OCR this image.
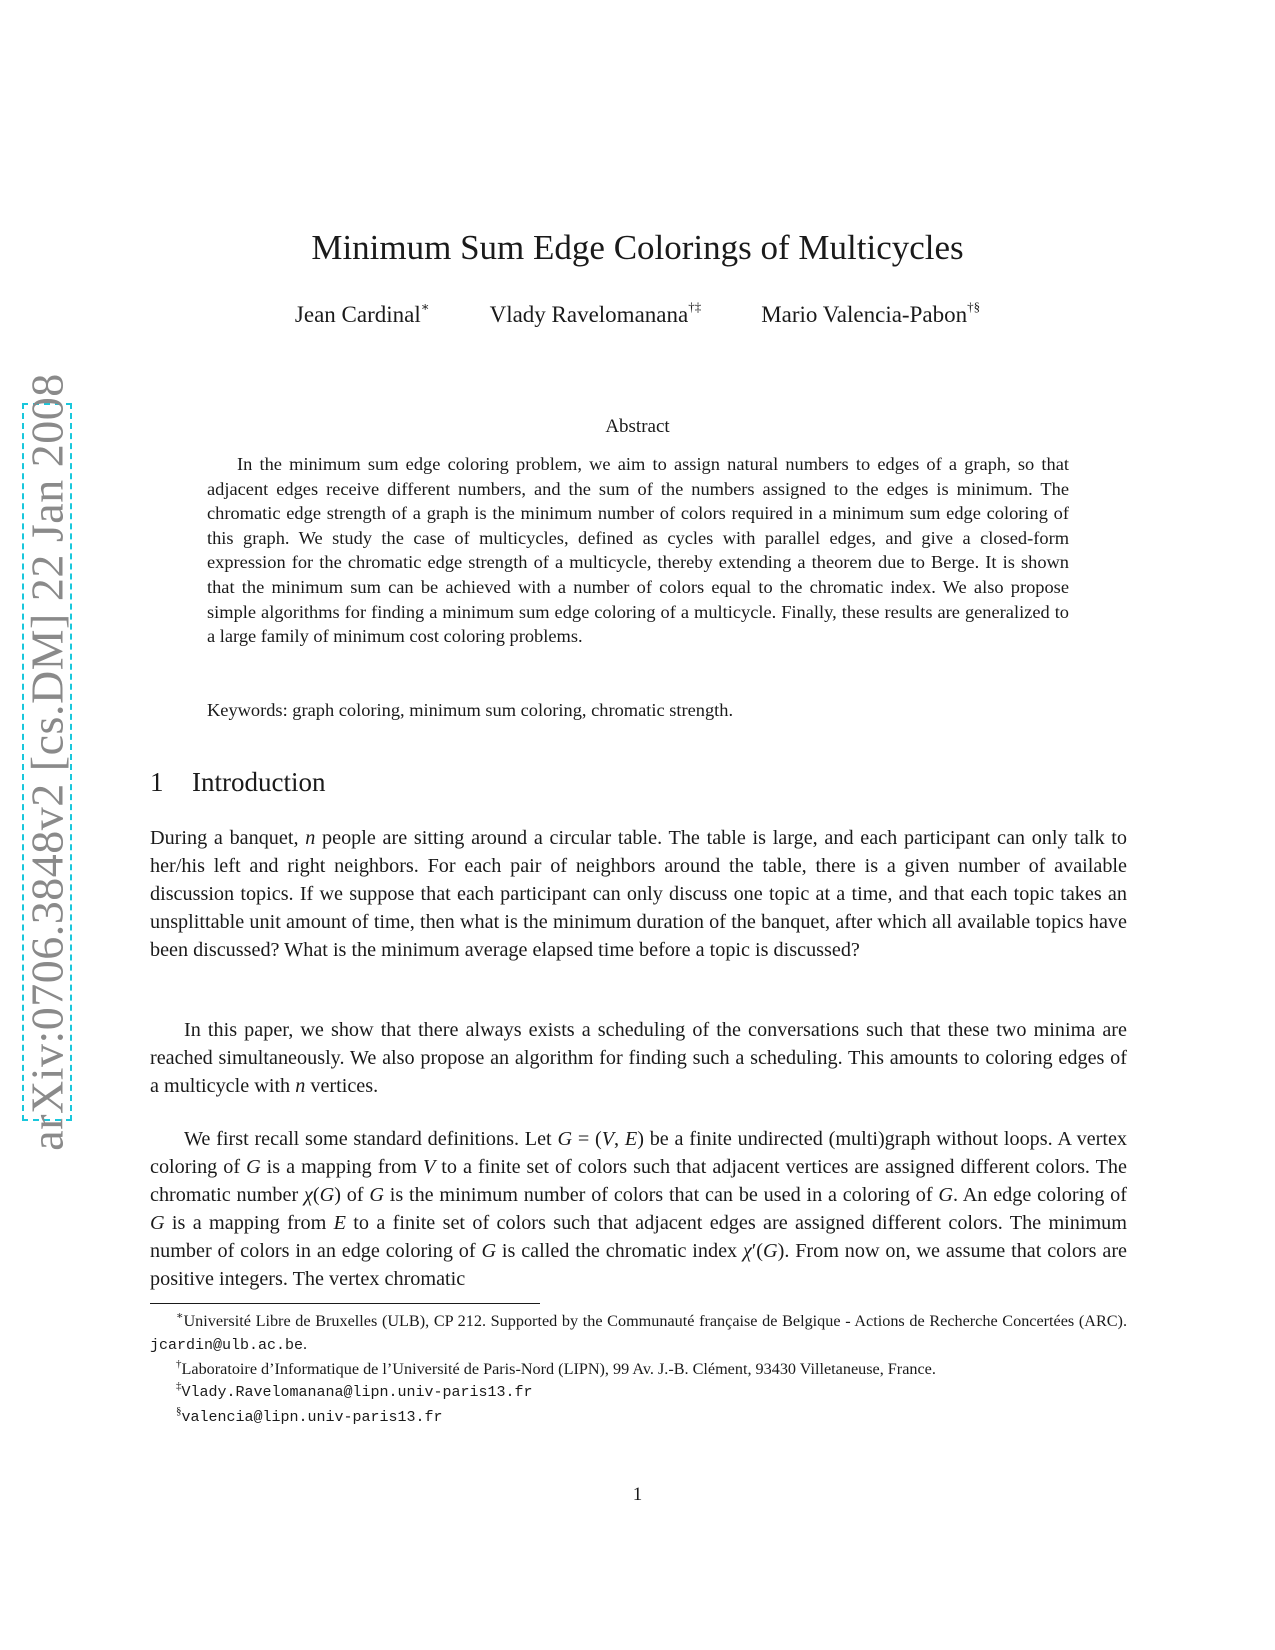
arXiv:0706.3848v2 [cs.DM] 22 Jan 2008
Minimum Sum Edge Colorings of Multicycles
Jean Cardinal∗	Vlady Ravelomanana†‡	Mario Valencia-Pabon†§
Abstract

In the minimum sum edge coloring problem, we aim to assign natural numbers to edges of a graph, so that adjacent edges receive different numbers, and the sum of the numbers assigned to the edges is minimum. The chromatic edge strength of a graph is the minimum number of colors required in a minimum sum edge coloring of this graph. We study the case of multicycles, defined as cycles with parallel edges, and give a closed-form expression for the chromatic edge strength of a multicycle, thereby extending a theorem due to Berge. It is shown that the minimum sum can be achieved with a number of colors equal to the chromatic index. We also propose simple algorithms for finding a minimum sum edge coloring of a multicycle. Finally, these results are generalized to a large family of minimum cost coloring problems.

Keywords: graph coloring, minimum sum coloring, chromatic strength.

1 Introduction

During a banquet, n people are sitting around a circular table. The table is large, and each participant can only talk to her/his left and right neighbors. For each pair of neighbors around the table, there is a given number of available discussion topics. If we suppose that each participant can only discuss one topic at a time, and that each topic takes an unsplittable unit amount of time, then what is the minimum duration of the banquet, after which all available topics have been discussed? What is the minimum average elapsed time before a topic is discussed?

In this paper, we show that there always exists a scheduling of the conversations such that these two minima are reached simultaneously. We also propose an algorithm for finding such a scheduling. This amounts to coloring edges of a multicycle with n vertices.

We first recall some standard definitions. Let G = (V, E) be a finite undirected (multi)graph without loops. A vertex coloring of G is a mapping from V to a finite set of colors such that adjacent vertices are assigned different colors. The chromatic number χ(G) of G is the minimum number of colors that can be used in a coloring of G. An edge coloring of G is a mapping from E to a finite set of colors such that adjacent edges are assigned different colors. The minimum number of colors in an edge coloring of G is called the chromatic index χ′(G). From now on, we assume that colors are positive integers. The vertex chromatic

∗Université Libre de Bruxelles (ULB), CP 212. Supported by the Communauté française de Belgique - Actions de Recherche Concertées (ARC). jcardin@ulb.ac.be.

†Laboratoire d’Informatique de l’Université de Paris-Nord (LIPN), 99 Av. J.-B. Clément, 93430 Villetaneuse, France.

‡Vlady.Ravelomanana@lipn.univ-paris13.fr

§valencia@lipn.univ-paris13.fr

1
